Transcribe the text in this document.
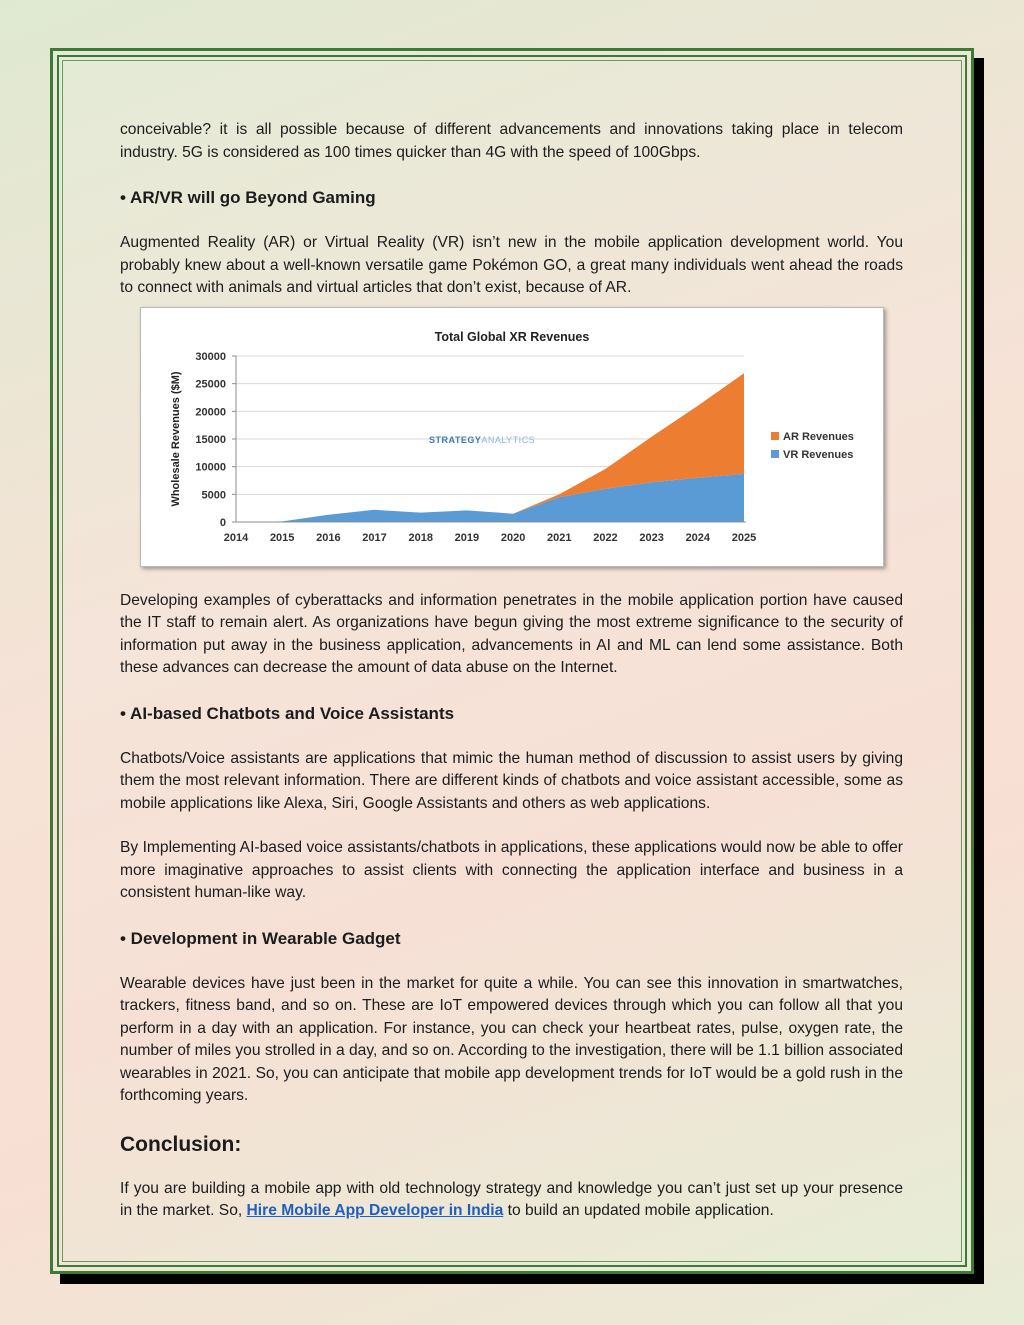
conceivable? it is all possible because of different advancements and innovations taking place in telecom industry. 5G is considered as 100 times quicker than 4G with the speed of 100Gbps.

• AR/VR will go Beyond Gaming

Augmented Reality (AR) or Virtual Reality (VR) isn’t new in the mobile application development world. You probably knew about a well-known versatile game Pokémon GO, a great many individuals went ahead the roads to connect with animals and virtual articles that don’t exist, because of AR.

Developing examples of cyberattacks and information penetrates in the mobile application portion have caused the IT staff to remain alert. As organizations have begun giving the most extreme significance to the security of information put away in the business application, advancements in AI and ML can lend some assistance. Both these advances can decrease the amount of data abuse on the Internet.

• AI-based Chatbots and Voice Assistants

Chatbots/Voice assistants are applications that mimic the human method of discussion to assist users by giving them the most relevant information. There are different kinds of chatbots and voice assistant accessible, some as mobile applications like Alexa, Siri, Google Assistants and others as web applications.

By Implementing AI-based voice assistants/chatbots in applications, these applications would now be able to offer more imaginative approaches to assist clients with connecting the application interface and business in a consistent human-like way.

• Development in Wearable Gadget

Wearable devices have just been in the market for quite a while. You can see this innovation in smartwatches, trackers, fitness band, and so on. These are IoT empowered devices through which you can follow all that you perform in a day with an application. For instance, you can check your heartbeat rates, pulse, oxygen rate, the number of miles you strolled in a day, and so on. According to the investigation, there will be 1.1 billion associated wearables in 2021. So, you can anticipate that mobile app development trends for IoT would be a gold rush in the forthcoming years.

Conclusion:

If you are building a mobile app with old technology strategy and knowledge you can’t just set up your presence in the market. So, Hire Mobile App Developer in India to build an updated mobile application.

0
5000
10000
15000
20000
25000
30000
2014 2015 2016 2017 2018 2019 2020 2021 2022 2023 2024 2025
Total Global XR Revenues
Wholesale Revenues ($M)	STRATEGYANALYTICS	AR Revenues
VR Revenues
